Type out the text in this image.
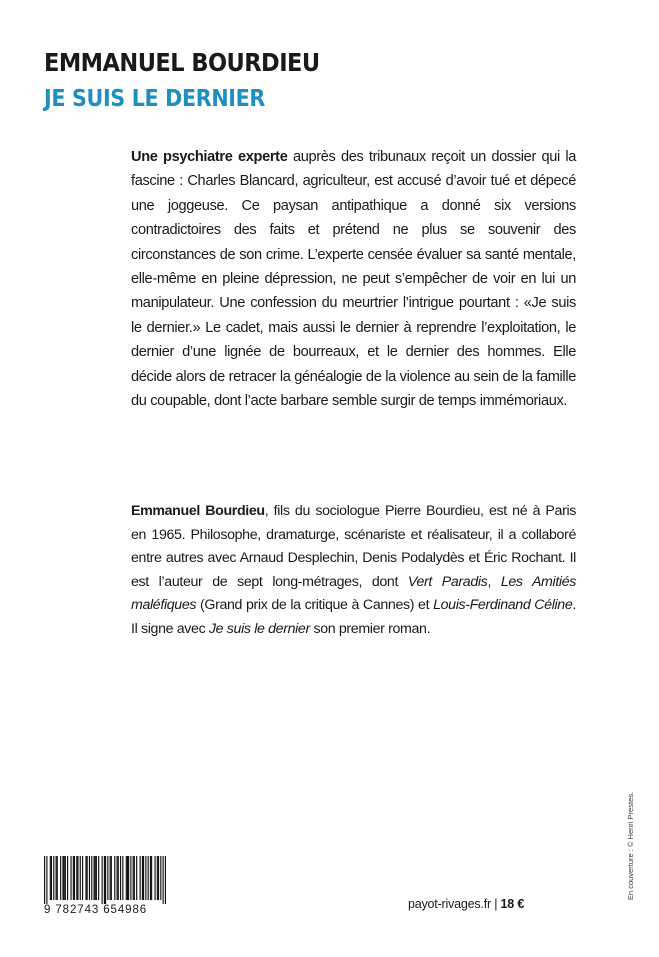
EMMANUEL BOURDIEU
JE SUIS LE DERNIER
Une psychiatre experte auprès des tribunaux reçoit un dossier qui la fascine : Charles Blancard, agriculteur, est accusé d’avoir tué et dépecé une joggeuse. Ce paysan antipathique a donné six versions contradictoires des faits et prétend ne plus se souvenir des circonstances de son crime. L’experte censée évaluer sa santé mentale, elle-même en pleine dépression, ne peut s’empêcher de voir en lui un manipulateur. Une confession du meurtrier l’intrigue pourtant : «Je suis le dernier.» Le cadet, mais aussi le dernier à reprendre l’exploitation, le dernier d’une lignée de bourreaux, et le dernier des hommes. Elle décide alors de retracer la généalogie de la violence au sein de la famille du coupable, dont l’acte barbare semble surgir de temps immémoriaux.
Emmanuel Bourdieu, fils du sociologue Pierre Bourdieu, est né à Paris en 1965. Philosophe, dramaturge, scénariste et réalisateur, il a collaboré entre autres avec Arnaud Desplechin, Denis Podalydès et Éric Rochant. Il est l’auteur de sept long-métrages, dont Vert Paradis, Les Amitiés maléfiques (Grand prix de la critique à Cannes) et Louis-Ferdinand Céline. Il signe avec Je suis le dernier son premier roman.
En couverture : © Henri Prestes.
9 782743 654986	payot-rivages.fr | 18 €
